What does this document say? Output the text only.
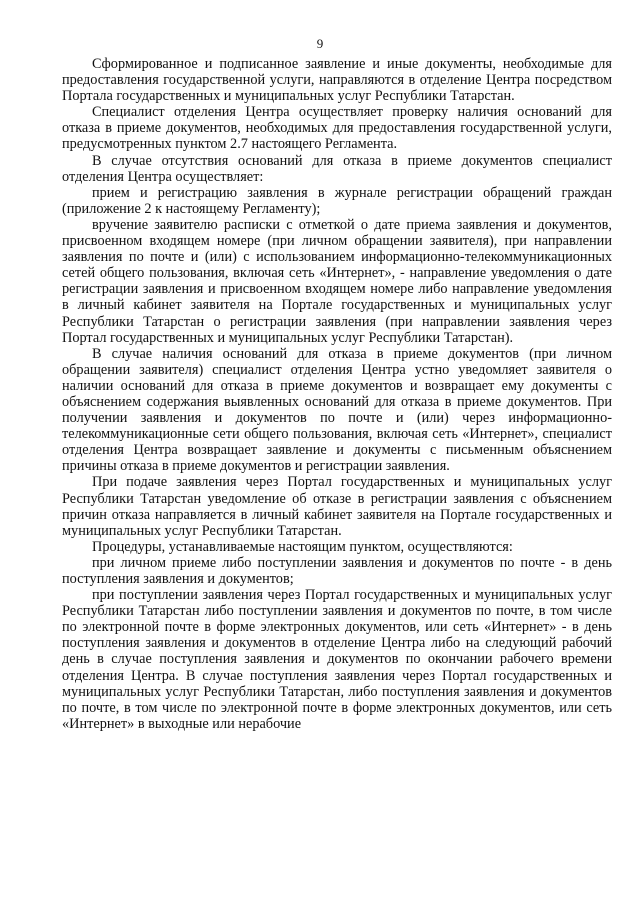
9

Сформированное и подписанное заявление и иные документы, необходимые для предоставления государственной услуги, направляются в отделение Центра посредством Портала государственных и муниципальных услуг Республики Татарстан.

Специалист отделения Центра осуществляет проверку наличия оснований для отказа в приеме документов, необходимых для предоставления государственной услуги, предусмотренных пунктом 2.7 настоящего Регламента.

В случае отсутствия оснований для отказа в приеме документов специалист отделения Центра осуществляет:

прием и регистрацию заявления в журнале регистрации обращений граждан (приложение 2 к настоящему Регламенту);

вручение заявителю расписки с отметкой о дате приема заявления и документов, присвоенном входящем номере (при личном обращении заявителя), при направлении заявления по почте и (или) с использованием информационно-телекоммуникационных сетей общего пользования, включая сеть «Интернет», - направление уведомления о дате регистрации заявления и присвоенном входящем номере либо направление уведомления в личный кабинет заявителя на Портале государственных и муниципальных услуг Республики Татарстан о регистрации заявления (при направлении заявления через Портал государственных и муниципальных услуг Республики Татарстан).

В случае наличия оснований для отказа в приеме документов (при личном обращении заявителя) специалист отделения Центра устно уведомляет заявителя о наличии оснований для отказа в приеме документов и возвращает ему документы с объяснением содержания выявленных оснований для отказа в приеме документов. При получении заявления и документов по почте и (или) через информационно-телекоммуникационные сети общего пользования, включая сеть «Интернет», специалист отделения Центра возвращает заявление и документы с письменным объяснением причины отказа в приеме документов и регистрации заявления.

При подаче заявления через Портал государственных и муниципальных услуг Республики Татарстан уведомление об отказе в регистрации заявления с объяснением причин отказа направляется в личный кабинет заявителя на Портале государственных и муниципальных услуг Республики Татарстан.

Процедуры, устанавливаемые настоящим пунктом, осуществляются:

при личном приеме либо поступлении заявления и документов по почте - в день поступления заявления и документов;

при поступлении заявления через Портал государственных и муниципальных услуг Республики Татарстан либо поступлении заявления и документов по почте, в том числе по электронной почте в форме электронных документов, или сеть «Интернет» - в день поступления заявления и документов в отделение Центра либо на следующий рабочий день в случае поступления заявления и документов по окончании рабочего времени отделения Центра. В случае поступления заявления через Портал государственных и муниципальных услуг Республики Татарстан, либо поступления заявления и документов по почте, в том числе по электронной почте в форме электронных документов, или сеть «Интернет» в выходные или нерабочие
